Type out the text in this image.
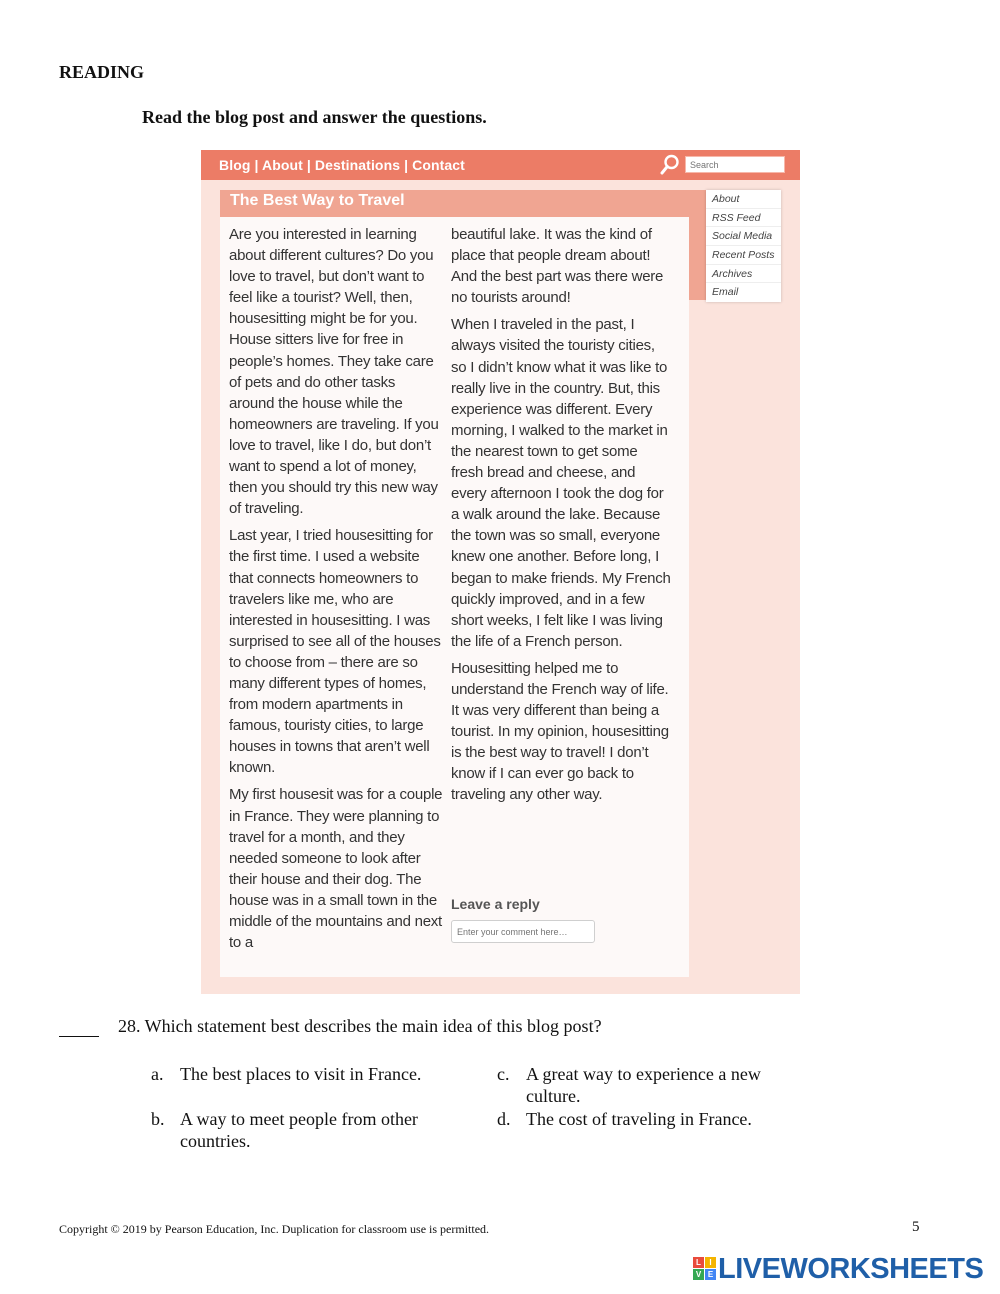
READING
Read the blog post and answer the questions.
Blog | About | Destinations | Contact
Search
The Best Way to Travel

Are you interested in learning about different cultures? Do you love to travel, but don’t want to feel like a tourist? Well, then, housesitting might be for you. House sitters live for free in people’s homes. They take care of pets and do other tasks around the house while the homeowners are traveling. If you love to travel, like I do, but don’t want to spend a lot of money, then you should try this new way of traveling.

Last year, I tried housesitting for the first time. I used a website that connects homeowners to travelers like me, who are interested in housesitting. I was surprised to see all of the houses to choose from – there are so many different types of homes, from modern apartments in famous, touristy cities, to large houses in towns that aren’t well known.

My first housesit was for a couple in France. They were planning to travel for a month, and they needed someone to look after their house and their dog. The house was in a small town in the middle of the mountains and next to a

beautiful lake. It was the kind of place that people dream about! And the best part was there were no tourists around!

When I traveled in the past, I always visited the touristy cities, so I didn’t know what it was like to really live in the country. But, this experience was different. Every morning, I walked to the market in the nearest town to get some fresh bread and cheese, and every afternoon I took the dog for a walk around the lake. Because the town was so small, everyone knew one another. Before long, I began to make friends. My French quickly improved, and in a few short weeks, I felt like I was living the life of a French person.

Housesitting helped me to understand the French way of life. It was very different than being a tourist. In my opinion, housesitting is the best way to travel! I don’t know if I can ever go back to traveling any other way.

Leave a reply
Enter your comment here…
About
RSS Feed
Social Media
Recent Posts
Archives
Email
28. Which statement best describes the main idea of this blog post?
a. The best places to visit in France.
b. A way to meet people from other countries.
c. A great way to experience a new culture.
d. The cost of traveling in France.
Copyright © 2019 by Pearson Education, Inc. Duplication for classroom use is permitted.	5
L	I
V E LIVEWORKSHEETS
